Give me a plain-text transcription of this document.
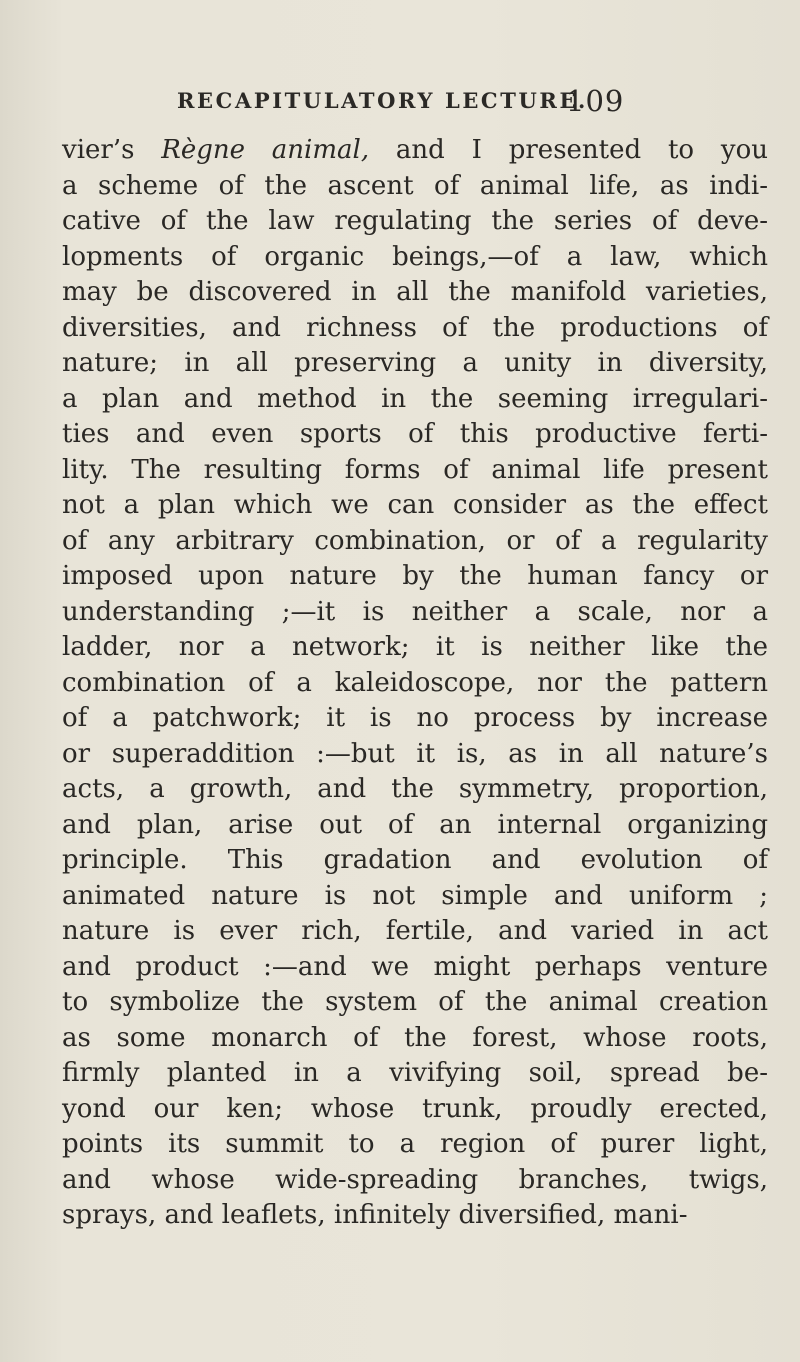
RECAPITULATORY LECTURE.
109
vier’s Règne animal, and I presented to you
a scheme of the ascent of animal life, as indi-
cative of the law regulating the series of deve-
lopments of organic beings,—of a law, which
may be discovered in all the manifold varieties,
diversities, and richness of the productions of
nature; in all preserving a unity in diversity,
a plan and method in the seeming irregulari-
ties and even sports of this productive ferti-
lity. The resulting forms of animal life present
not a plan which we can consider as the effect
of any arbitrary combination, or of a regularity
imposed upon nature by the human fancy or
understanding ;—it is neither a scale, nor a
ladder, nor a network; it is neither like the
combination of a kaleidoscope, nor the pattern
of a patchwork; it is no process by increase
or superaddition :—but it is, as in all nature’s
acts, a growth, and the symmetry, proportion,
and plan, arise out of an internal organizing
principle. This gradation and evolution of
animated nature is not simple and uniform ;
nature is ever rich, fertile, and varied in act
and product :—and we might perhaps venture
to symbolize the system of the animal creation
as some monarch of the forest, whose roots,
firmly planted in a vivifying soil, spread be-
yond our ken; whose trunk, proudly erected,
points its summit to a region of purer light,
and whose wide-spreading branches, twigs,
sprays, and leaflets, infinitely diversified, mani-
